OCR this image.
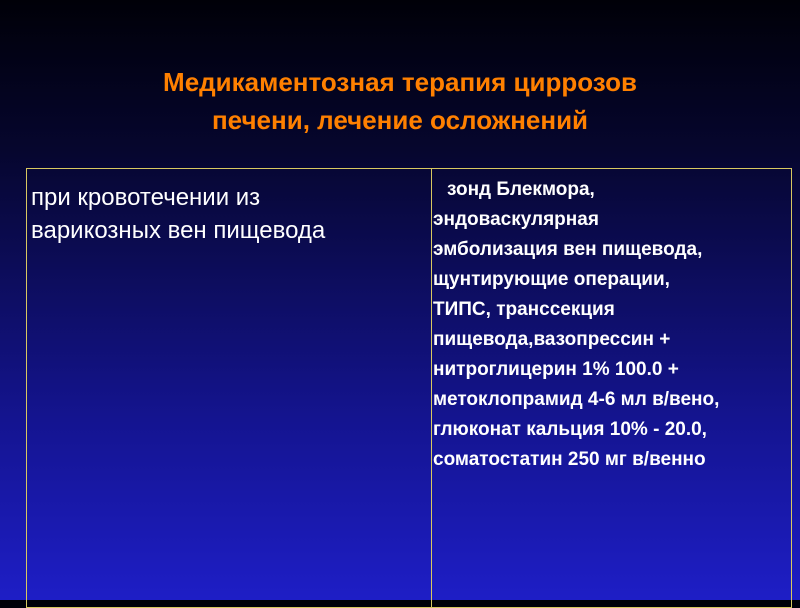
Медикаментозная терапия циррозов
печени, лечение осложнений
при кровотечении из
варикозных вен пищевода
зонд Блекмора,
эндоваскулярная
эмболизация вен пищевода,
щунтирующие операции,
ТИПС, транссекция
пищевода,вазопрессин +
нитроглицерин 1% 100.0 +
метоклопрамид 4-6 мл в/вено,
глюконат кальция 10% - 20.0,
соматостатин 250 мг в/венно
